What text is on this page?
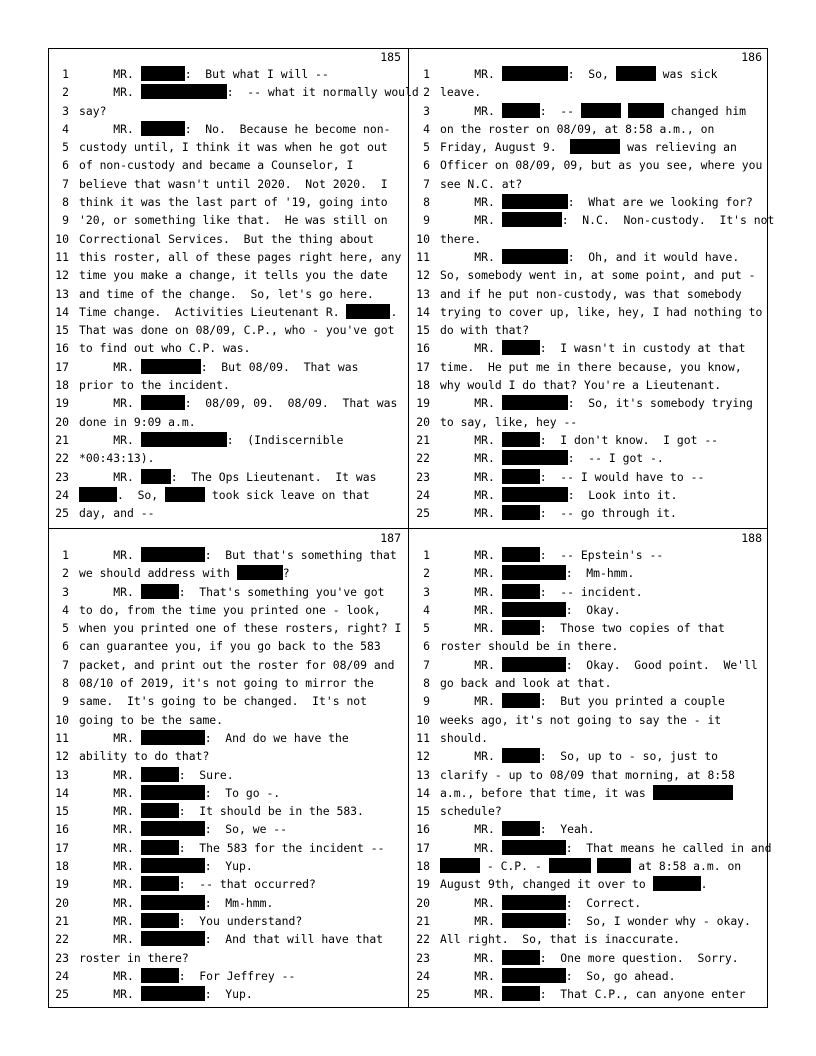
185
1 MR.	:  But what I will --
2 MR.	:  -- what it normally would
3 say?
4 MR.	:  No.  Because he become non-
5 custody until, I think it was when he got out
6 of non-custody and became a Counselor, I
7 believe that wasn't until 2020.  Not 2020.  I
8 think it was the last part of '19, going into
9 '20, or something like that.  He was still on
10 Correctional Services.  But the thing about
11 this roster, all of these pages right here, any
12 time you make a change, it tells you the date
13 and time of the change.  So, let's go here.
14 Time change.  Activities Lieutenant R.	.
15 That was done on 08/09, C.P., who - you've got
16 to find out who C.P. was.
17 MR.	:  But 08/09.  That was
18 prior to the incident.
19 MR.	:  08/09, 09.  08/09.  That was
20 done in 9:09 a.m.
21 MR.	:  (Indiscernible
22 *00:43:13).
23 MR.	:  The Ops Lieutenant.  It was
24	.  So,	took sick leave on that
25 day, and --
186
1 MR.	:  So,	was sick
2 leave.
3 MR.	:  --	changed him
4 on the roster on 08/09, at 8:58 a.m., on
5 Friday, August 9.	was relieving an
6 Officer on 08/09, 09, but as you see, where you
7 see N.C. at?
8 MR.	:  What are we looking for?
9 MR.	:  N.C.  Non-custody.  It's not
10 there.
11 MR.	:  Oh, and it would have.
12 So, somebody went in, at some point, and put -
13 and if he put non-custody, was that somebody
14 trying to cover up, like, hey, I had nothing to
15 do with that?
16 MR.	:  I wasn't in custody at that
17 time.  He put me in there because, you know,
18 why would I do that? You're a Lieutenant.
19 MR.	:  So, it's somebody trying
20 to say, like, hey --
21 MR.	:  I don't know.  I got --
22 MR.	:  -- I got -.
23 MR.	:  -- I would have to --
24 MR.	:  Look into it.
25 MR.	:  -- go through it.
187
1 MR.	:  But that's something that
2 we should address with	?
3 MR.	:  That's something you've got
4 to do, from the time you printed one - look,
5 when you printed one of these rosters, right? I
6 can guarantee you, if you go back to the 583
7 packet, and print out the roster for 08/09 and
8 08/10 of 2019, it's not going to mirror the
9 same.  It's going to be changed.  It's not
10 going to be the same.
11 MR.	:  And do we have the
12 ability to do that?
13 MR.	:  Sure.
14 MR.	:  To go -.
15 MR.	:  It should be in the 583.
16 MR.	:  So, we --
17 MR.	:  The 583 for the incident --
18 MR.	:  Yup.
19 MR.	:  -- that occurred?
20 MR.	:  Mm-hmm.
21 MR.	:  You understand?
22 MR.	:  And that will have that
23 roster in there?
24 MR.	:  For Jeffrey --
25 MR.	:  Yup.
188
1 MR.	:  -- Epstein's --
2 MR.	:  Mm-hmm.
3 MR.	:  -- incident.
4 MR.	:  Okay.
5 MR.	:  Those two copies of that
6 roster should be in there.
7 MR.	:  Okay.  Good point.  We'll
8 go back and look at that.
9 MR.	:  But you printed a couple
10 weeks ago, it's not going to say the - it
11 should.
12 MR.	:  So, up to - so, just to
13 clarify - up to 08/09 that morning, at 8:58
14 a.m., before that time, it was
15 schedule?
16 MR.	:  Yeah.
17 MR.	:  That means he called in and
18	- C.P. -	at 8:58 a.m. on
19 August 9th, changed it over to	.
20 MR.	:  Correct.
21 MR.	:  So, I wonder why - okay.
22 All right.  So, that is inaccurate.
23 MR.	:  One more question.  Sorry.
24 MR.	:  So, go ahead.
25 MR.	:  That C.P., can anyone enter
